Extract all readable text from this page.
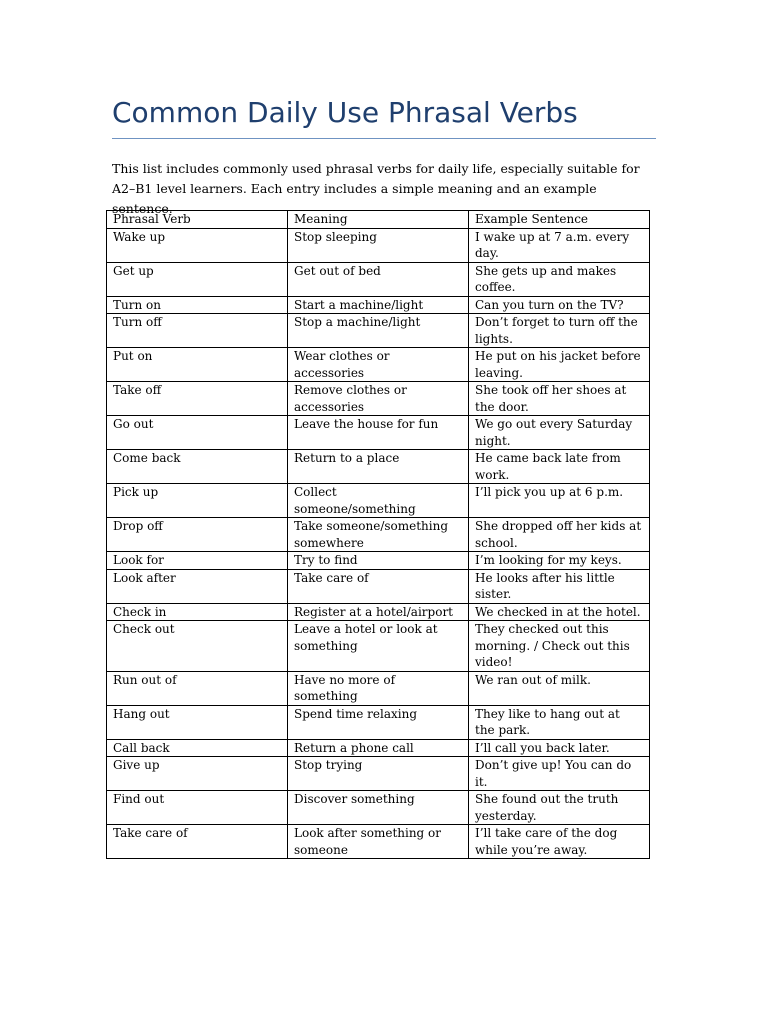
Common Daily Use Phrasal Verbs
This list includes commonly used phrasal verbs for daily life, especially suitable for A2–B1 level learners. Each entry includes a simple meaning and an example sentence.
Phrasal Verb	Meaning	Example Sentence
Wake up	Stop sleeping	I wake up at 7 a.m. every day.
Get up	Get out of bed	She gets up and makes coffee.
Turn on	Start a machine/light	Can you turn on the TV?
Turn off	Stop a machine/light	Don’t forget to turn off the lights.
Put on	Wear clothes or accessories	He put on his jacket before leaving.
Take off	Remove clothes or accessories	She took off her shoes at the door.
Go out	Leave the house for fun	We go out every Saturday night.
Come back	Return to a place	He came back late from work.
Pick up	Collect someone/something	I’ll pick you up at 6 p.m.
Drop off	Take someone/something somewhere	She dropped off her kids at school.
Look for	Try to find	I’m looking for my keys.
Look after	Take care of	He looks after his little sister.
Check in	Register at a hotel/airport	We checked in at the hotel.
Check out	Leave a hotel or look at something	They checked out this morning. / Check out this video!
Run out of	Have no more of something	We ran out of milk.
Hang out	Spend time relaxing	They like to hang out at the park.
Call back	Return a phone call	I’ll call you back later.
Give up	Stop trying	Don’t give up! You can do it.
Find out	Discover something	She found out the truth yesterday.
Take care of	Look after something or someone	I’ll take care of the dog while you’re away.
